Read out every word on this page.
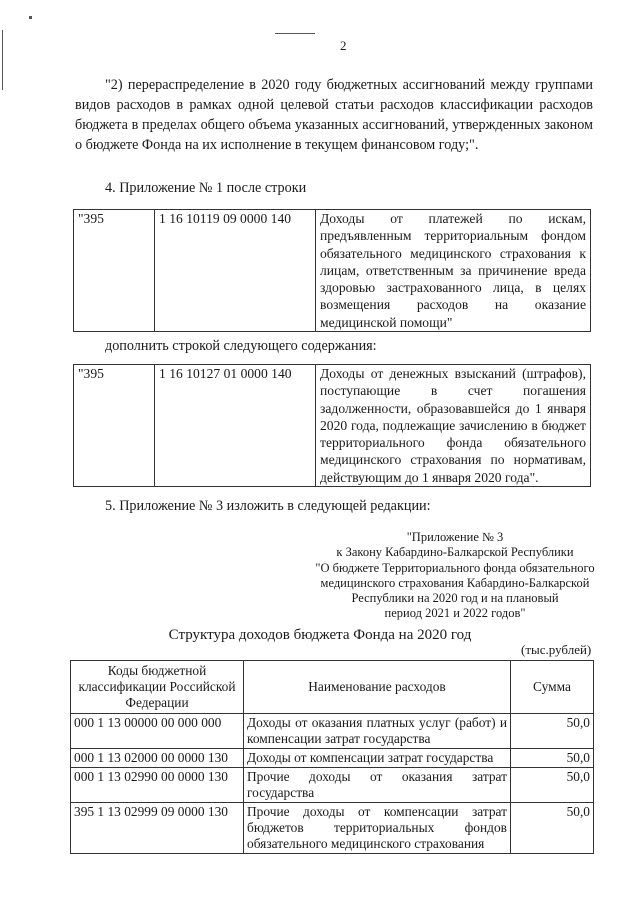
2
"2) перераспределение в 2020 году бюджетных ассигнований между группами видов расходов в рамках одной целевой статьи расходов классификации расходов бюджета в пределах общего объема указанных ассигнований, утвержденных законом о бюджете Фонда на их исполнение в текущем финансовом году;".
4. Приложение № 1 после строки
"395	1 16 10119 09 0000 140	Доходы от платежей по искам, предъявленным территориальным фондом обязательного медицинского страхования к лицам, ответственным за причинение вреда здоровью застрахованного лица, в целях возмещения расходов на оказание медицинской помощи"
дополнить строкой следующего содержания:
"395	1 16 10127 01 0000 140	Доходы от денежных взысканий (штрафов), поступающие в счет погашения задолженности, образовавшейся до 1 января 2020 года, подлежащие зачислению в бюджет территориального фонда обязательного медицинского страхования по нормативам, действующим до 1 января 2020 года".
5. Приложение № 3 изложить в следующей редакции:
"Приложение № 3
к Закону Кабардино-Балкарской Республики
"О бюджете Территориального фонда обязательного
медицинского страхования Кабардино-Балкарской
Республики на 2020 год и на плановый
период 2021 и 2022 годов"
Структура доходов бюджета Фонда на 2020 год
(тыс.рублей)
Коды бюджетной классификации Российской Федерации	Наименование расходов	Сумма
000 1 13 00000 00 000 000	Доходы от оказания платных услуг (работ) и компенсации затрат государства	50,0
000 1 13 02000 00 0000 130	Доходы от компенсации затрат государства	50,0
000 1 13 02990 00 0000 130	Прочие доходы от оказания затрат государства	50,0
395 1 13 02999 09 0000 130	Прочие доходы от компенсации затрат бюджетов территориальных фондов обязательного медицинского страхования	50,0
